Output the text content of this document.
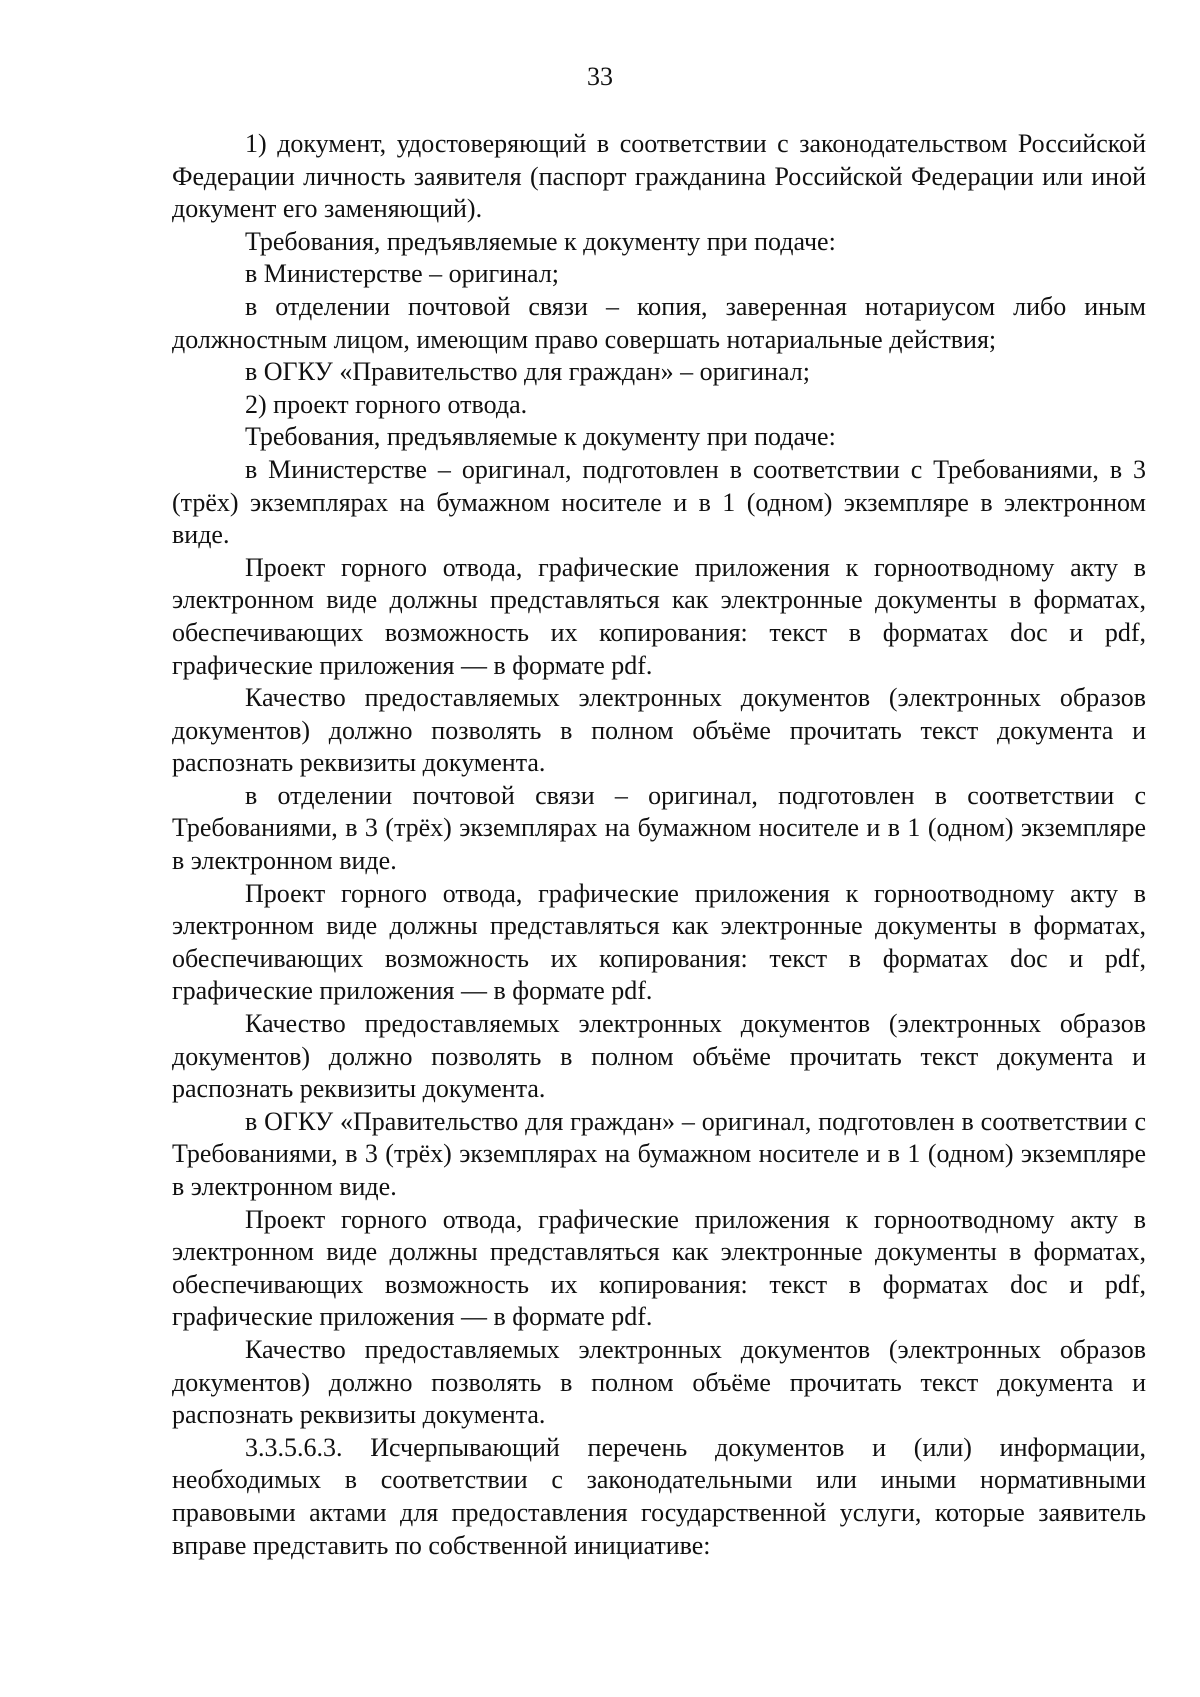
33

1) документ, удостоверяющий в соответствии с законодательством Российской Федерации личность заявителя (паспорт гражданина Российской Федерации или иной документ его заменяющий).

Требования, предъявляемые к документу при подаче:

в Министерстве – оригинал;

в отделении почтовой связи – копия, заверенная нотариусом либо иным должностным лицом, имеющим право совершать нотариальные действия;

в ОГКУ «Правительство для граждан» – оригинал;

2) проект горного отвода.

Требования, предъявляемые к документу при подаче:

в Министерстве – оригинал, подготовлен в соответствии с Требованиями, в 3 (трёх) экземплярах на бумажном носителе и в 1 (одном) экземпляре в электронном виде.

Проект горного отвода, графические приложения к горноотводному акту в электронном виде должны представляться как электронные документы в форматах, обеспечивающих возможность их копирования: текст в форматах doc и pdf, графические приложения — в формате pdf.

Качество предоставляемых электронных документов (электронных образов документов) должно позволять в полном объёме прочитать текст документа и распознать реквизиты документа.

в отделении почтовой связи – оригинал, подготовлен в соответствии с Требованиями, в 3 (трёх) экземплярах на бумажном носителе и в 1 (одном) экземпляре в электронном виде.

Проект горного отвода, графические приложения к горноотводному акту в электронном виде должны представляться как электронные документы в форматах, обеспечивающих возможность их копирования: текст в форматах doc и pdf, графические приложения — в формате pdf.

Качество предоставляемых электронных документов (электронных образов документов) должно позволять в полном объёме прочитать текст документа и распознать реквизиты документа.

в ОГКУ «Правительство для граждан» – оригинал, подготовлен в соответствии с Требованиями, в 3 (трёх) экземплярах на бумажном носителе и в 1 (одном) экземпляре в электронном виде.

Проект горного отвода, графические приложения к горноотводному акту в электронном виде должны представляться как электронные документы в форматах, обеспечивающих возможность их копирования: текст в форматах doc и pdf, графические приложения — в формате pdf.

Качество предоставляемых электронных документов (электронных образов документов) должно позволять в полном объёме прочитать текст документа и распознать реквизиты документа.

3.3.5.6.3. Исчерпывающий перечень документов и (или) информации, необходимых в соответствии с законодательными или иными нормативными правовыми актами для предоставления государственной услуги, которые заявитель вправе представить по собственной инициативе:
